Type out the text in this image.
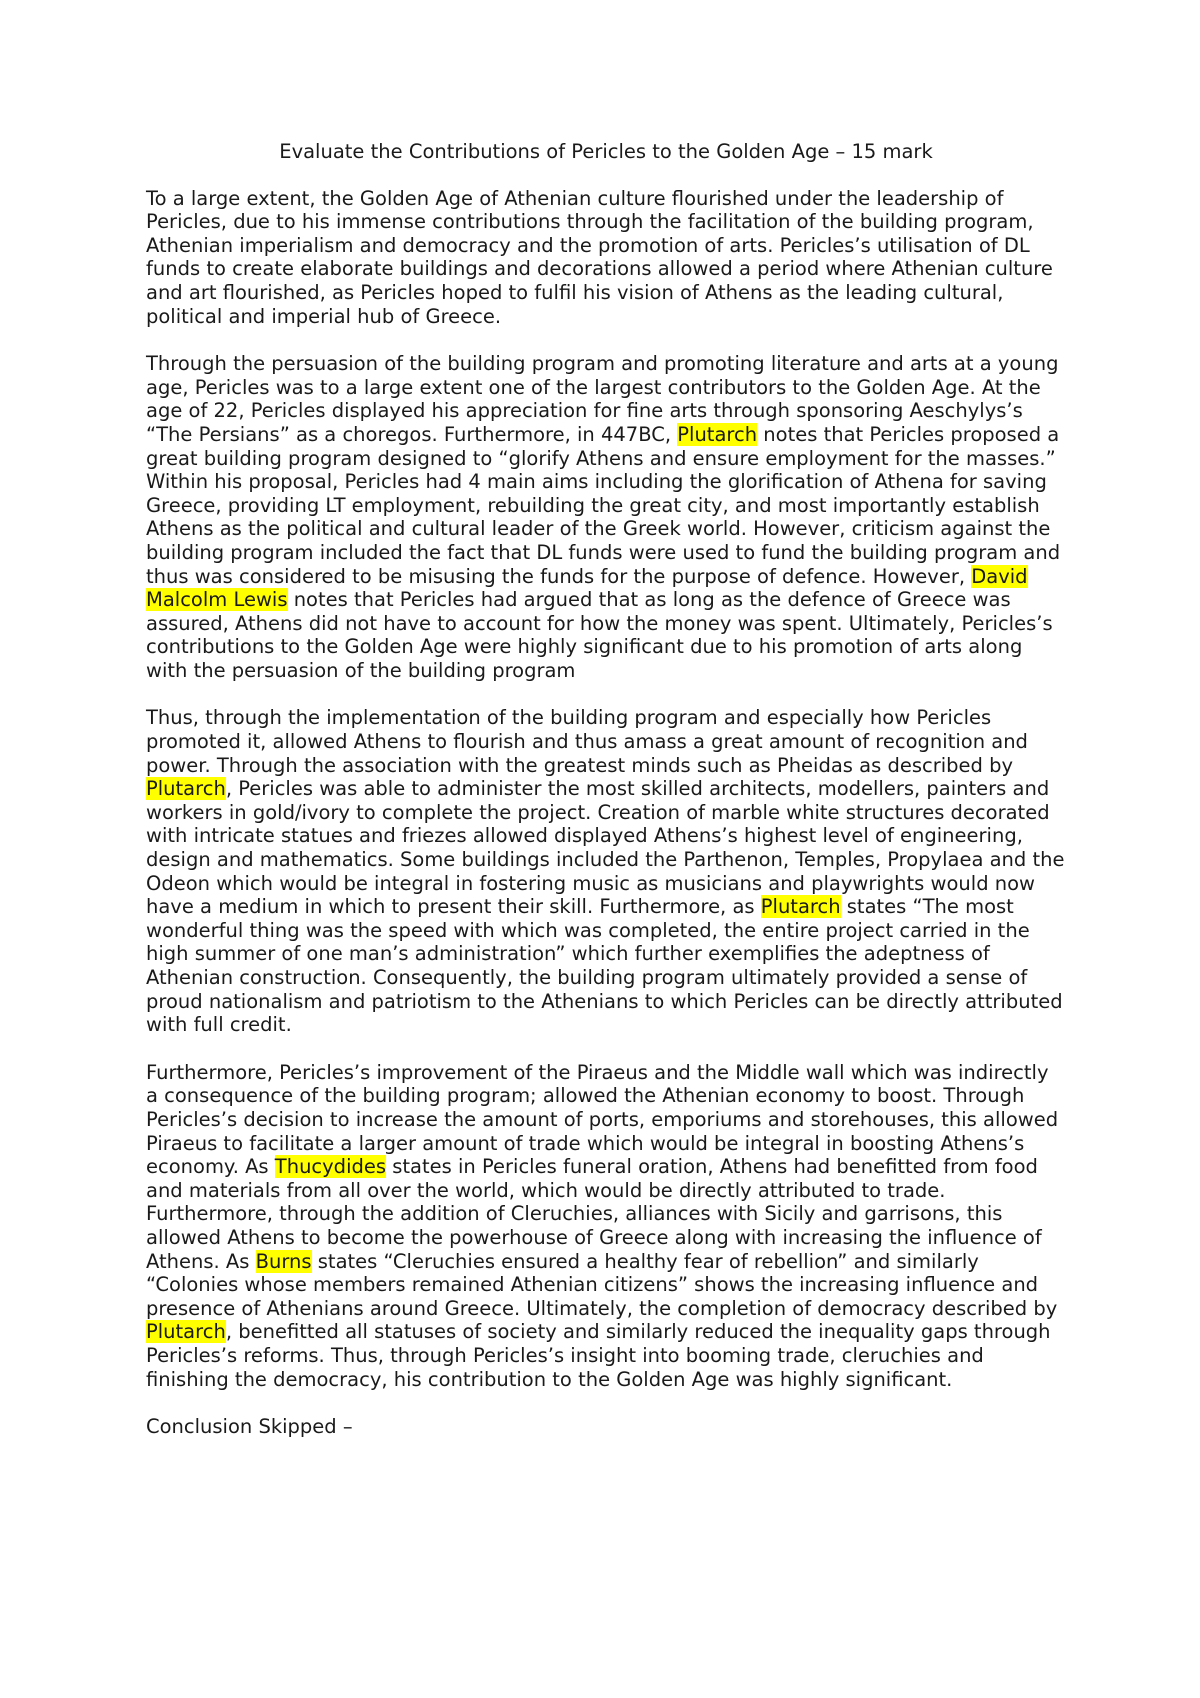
Evaluate the Contributions of Pericles to the Golden Age – 15 mark

To a large extent, the Golden Age of Athenian culture flourished under the leadership of Pericles, due to his immense contributions through the facilitation of the building program, Athenian imperialism and democracy and the promotion of arts. Pericles’s utilisation of DL funds to create elaborate buildings and decorations allowed a period where Athenian culture and art flourished, as Pericles hoped to fulfil his vision of Athens as the leading cultural, political and imperial hub of Greece.

Through the persuasion of the building program and promoting literature and arts at a young age, Pericles was to a large extent one of the largest contributors to the Golden Age. At the age of 22, Pericles displayed his appreciation for fine arts through sponsoring Aeschylys’s “The Persians” as a choregos. Furthermore, in 447BC, Plutarch notes that Pericles proposed a great building program designed to “glorify Athens and ensure employment for the masses.” Within his proposal, Pericles had 4 main aims including the glorification of Athena for saving Greece, providing LT employment, rebuilding the great city, and most importantly establish Athens as the political and cultural leader of the Greek world. However, criticism against the building program included the fact that DL funds were used to fund the building program and thus was considered to be misusing the funds for the purpose of defence. However, David Malcolm Lewis notes that Pericles had argued that as long as the defence of Greece was assured, Athens did not have to account for how the money was spent. Ultimately, Pericles’s contributions to the Golden Age were highly significant due to his promotion of arts along with the persuasion of the building program

Thus, through the implementation of the building program and especially how Pericles promoted it, allowed Athens to flourish and thus amass a great amount of recognition and power. Through the association with the greatest minds such as Pheidas as described by Plutarch, Pericles was able to administer the most skilled architects, modellers, painters and workers in gold/ivory to complete the project. Creation of marble white structures decorated with intricate statues and friezes allowed displayed Athens’s highest level of engineering, design and mathematics. Some buildings included the Parthenon, Temples, Propylaea and the Odeon which would be integral in fostering music as musicians and playwrights would now have a medium in which to present their skill. Furthermore, as Plutarch states “The most wonderful thing was the speed with which was completed, the entire project carried in the high summer of one man’s administration” which further exemplifies the adeptness of Athenian construction. Consequently, the building program ultimately provided a sense of proud nationalism and patriotism to the Athenians to which Pericles can be directly attributed with full credit.

Furthermore, Pericles’s improvement of the Piraeus and the Middle wall which was indirectly a consequence of the building program; allowed the Athenian economy to boost. Through Pericles’s decision to increase the amount of ports, emporiums and storehouses, this allowed Piraeus to facilitate a larger amount of trade which would be integral in boosting Athens’s economy. As Thucydides states in Pericles funeral oration, Athens had benefitted from food and materials from all over the world, which would be directly attributed to trade. Furthermore, through the addition of Cleruchies, alliances with Sicily and garrisons, this allowed Athens to become the powerhouse of Greece along with increasing the influence of Athens. As Burns states “Cleruchies ensured a healthy fear of rebellion” and similarly “Colonies whose members remained Athenian citizens” shows the increasing influence and presence of Athenians around Greece. Ultimately, the completion of democracy described by Plutarch, benefitted all statuses of society and similarly reduced the inequality gaps through Pericles’s reforms. Thus, through Pericles’s insight into booming trade, cleruchies and finishing the democracy, his contribution to the Golden Age was highly significant.

Conclusion Skipped –
